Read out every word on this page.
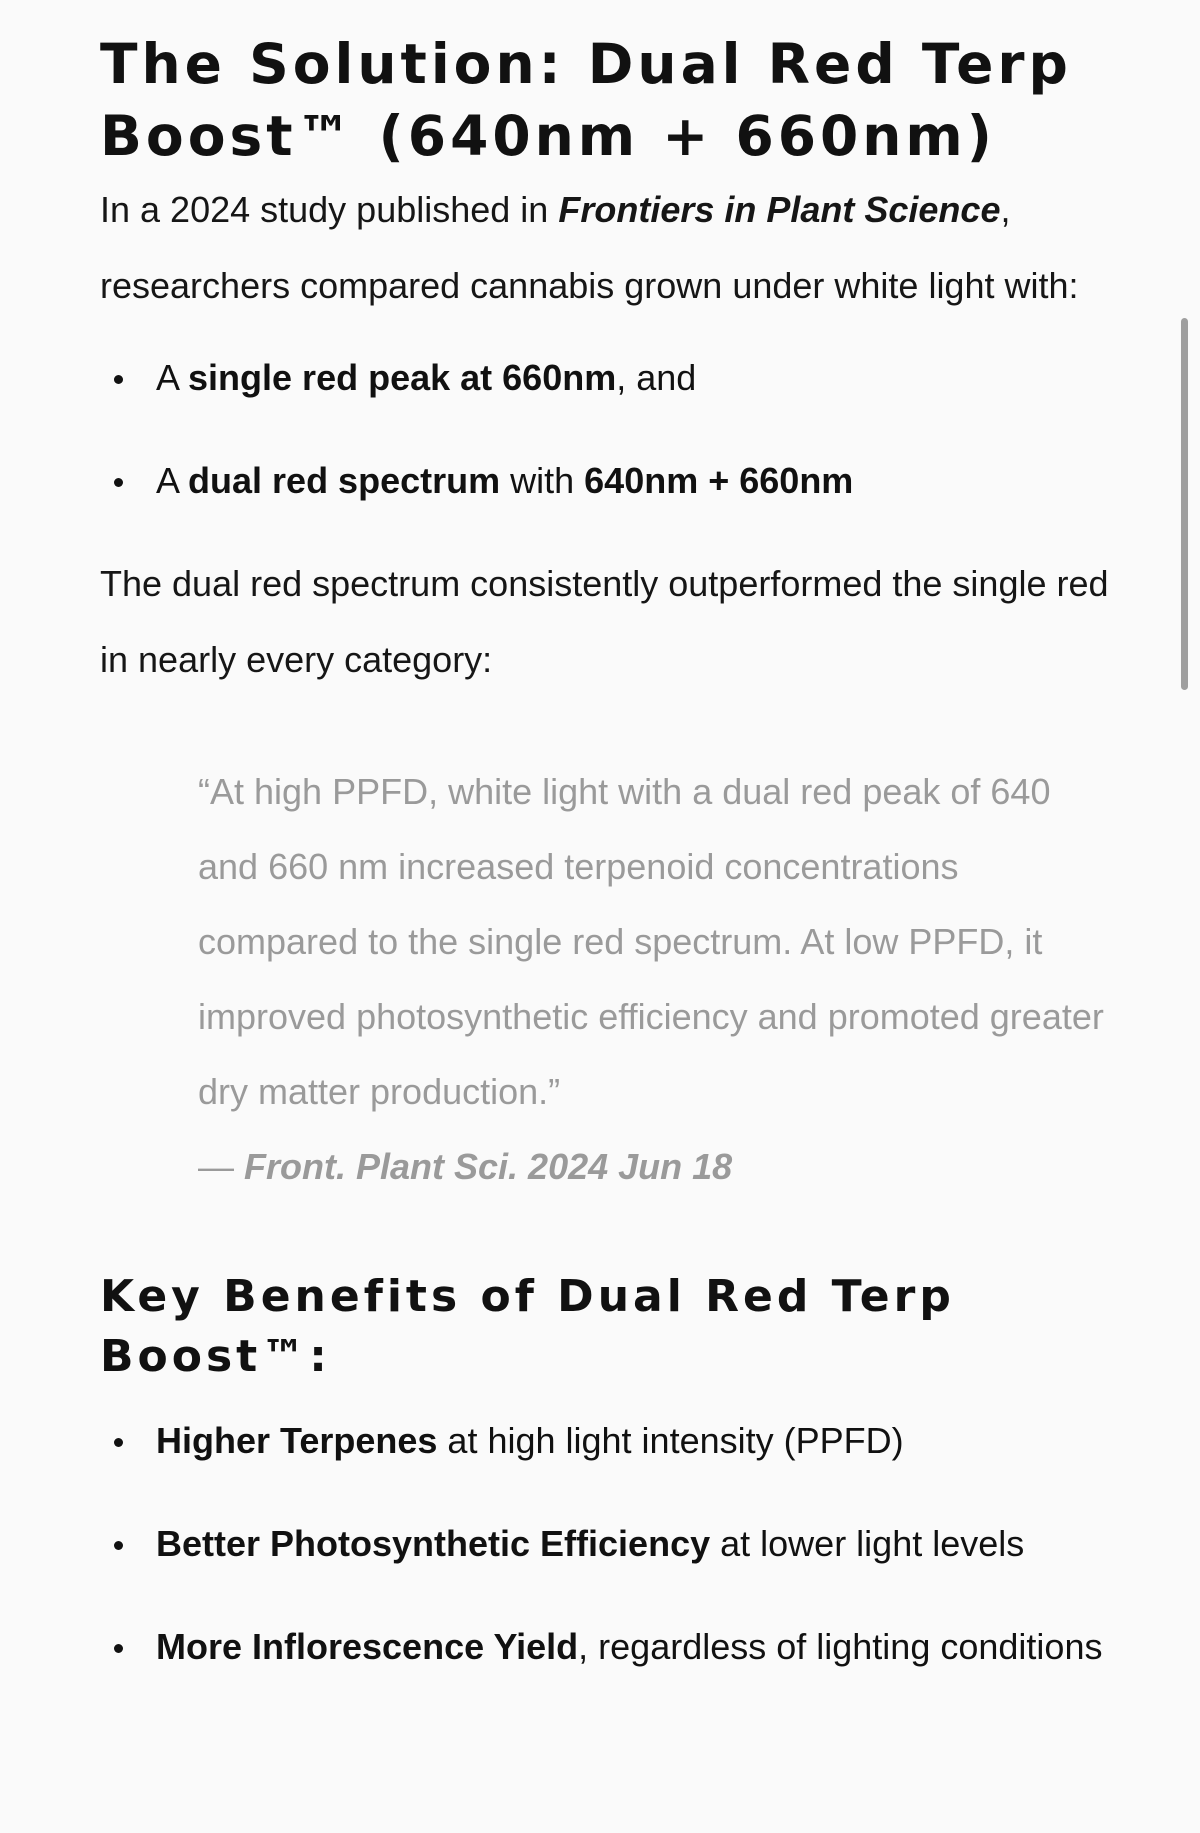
The Solution: Dual Red Terp Boost™ (640nm + 660nm)

In a 2024 study published in Frontiers in Plant Science, researchers compared cannabis grown under white light with:

A single red peak at 660nm, and
A dual red spectrum with 640nm + 660nm

The dual red spectrum consistently outperformed the single red in nearly every category:

“At high PPFD, white light with a dual red peak of 640 and 660 nm increased terpenoid concentrations compared to the single red spectrum. At low PPFD, it improved photosynthetic efficiency and promoted greater dry matter production.”

— Front. Plant Sci. 2024 Jun 18
Key Benefits of Dual Red Terp Boost™:
Higher Terpenes at high light intensity (PPFD)
Better Photosynthetic Efficiency at lower light levels
More Inflorescence Yield, regardless of lighting conditions
